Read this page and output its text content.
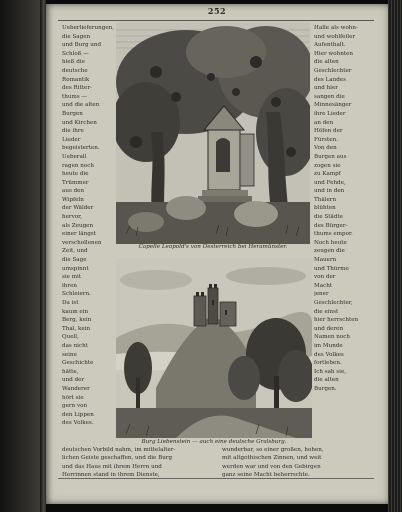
252
Ueberlieferungen,
die Sagen
und Burg und
Schloß —
hieß die
deutsche
Romantik
des Ritter-
thums —
und die alten
Burgen
und Kirchen
die ihre
Lieder
begeisterten.
Ueberall
ragen noch
heute die
Trümmer
aus den
Wipfeln
der Wälder
hervor,
als Zeugen
einer längst
verschollenen
Zeit, und
die Sage
umspinnt
sie mit
ihren
Schleiern.
Da ist
kaum ein
Berg, kein
Thal, kein
Quell,
das nicht
seine
Geschichte
hätte,
und der
Wanderer
hört sie
gern von
den Lippen
des Volkes.
Halle als wohn-
und wohlfeiler
Aufenthalt.
Hier wohnten
die alten
Geschlechter
des Landes
und hier
sangen die
Minnesänger
ihre Lieder
an den
Höfen der
Fürsten.
Von den
Burgen aus
zogen sie
zu Kampf
und Fehde,
und in den
Thälern
blühten
die Städte
des Bürger-
thums empor.
Noch heute
zeugen die
Mauern
und Thürme
von der
Macht
jener
Geschlechter,
die einst
hier herrschten
und deren
Namen noch
im Munde
des Volkes
fortleben.
Ich sah sie,
die alten
Burgen.
Capelle Leopold's von Oesterreich bei Heramünster.
Burg Liebenstein — auch eine deutsche Gralsburg.
deutschen Vorbild nahm, im mittelalter-
lichen Geiste geschaffen, und die Burg
und das Haus mit ihrem Herrn und
Herrinnen stand in ihrem Dienste,
wunderbar, so einer großen, hohen,
mit altgothischen Zinnen, und weit
werden war und von den Gebirgen
ganz seine Macht beherrschte.
